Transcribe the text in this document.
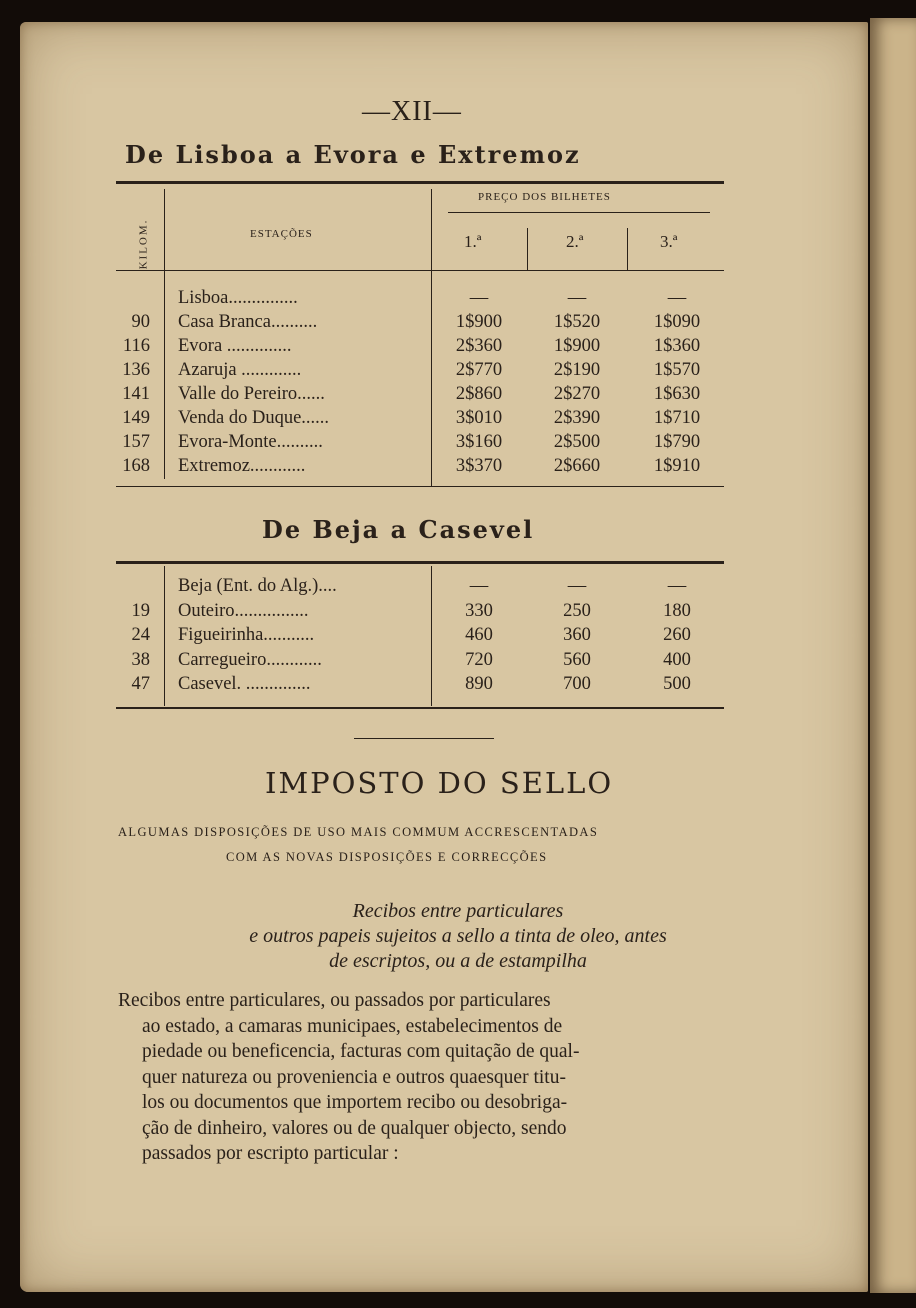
—XII—
De Lisboa a Evora e Extremoz
KILOM.	ESTAÇÕES
PREÇO DOS BILHETES
1.ª	2.ª	3.ª
Lisboa...............	—	—	—
90 Casa Branca..........	1$900	1$520	1$090
116 Evora ..............	2$360	1$900	1$360
136 Azaruja .............	2$770	2$190	1$570
141 Valle do Pereiro......	2$860	2$270	1$630
149 Venda do Duque......	3$010	2$390	1$710
157 Evora-Monte..........	3$160	2$500	1$790
168 Extremoz............	3$370	2$660	1$910
De Beja a Casevel
Beja (Ent. do Alg.)....	—	—	—
19 Outeiro................	330	250	180
24 Figueirinha...........	460	360	260
38 Carregueiro............	720	560	400
47 Casevel. ..............	890	700	500
IMPOSTO DO SELLO
ALGUMAS DISPOSIÇÕES DE USO MAIS COMMUM ACCRESCENTADAS
COM AS NOVAS DISPOSIÇÕES E CORRECÇÕES
Recibos entre particulares
e outros papeis sujeitos a sello a tinta de oleo, antes
de escriptos, ou a de estampilha
Recibos entre particulares, ou passados por particulares
ao estado, a camaras municipaes, estabelecimentos de
piedade ou beneficencia, facturas com quitação de qual-
quer natureza ou proveniencia e outros quaesquer titu-
los ou documentos que importem recibo ou desobriga-
ção de dinheiro, valores ou de qualquer objecto, sendo
passados por escripto particular :
